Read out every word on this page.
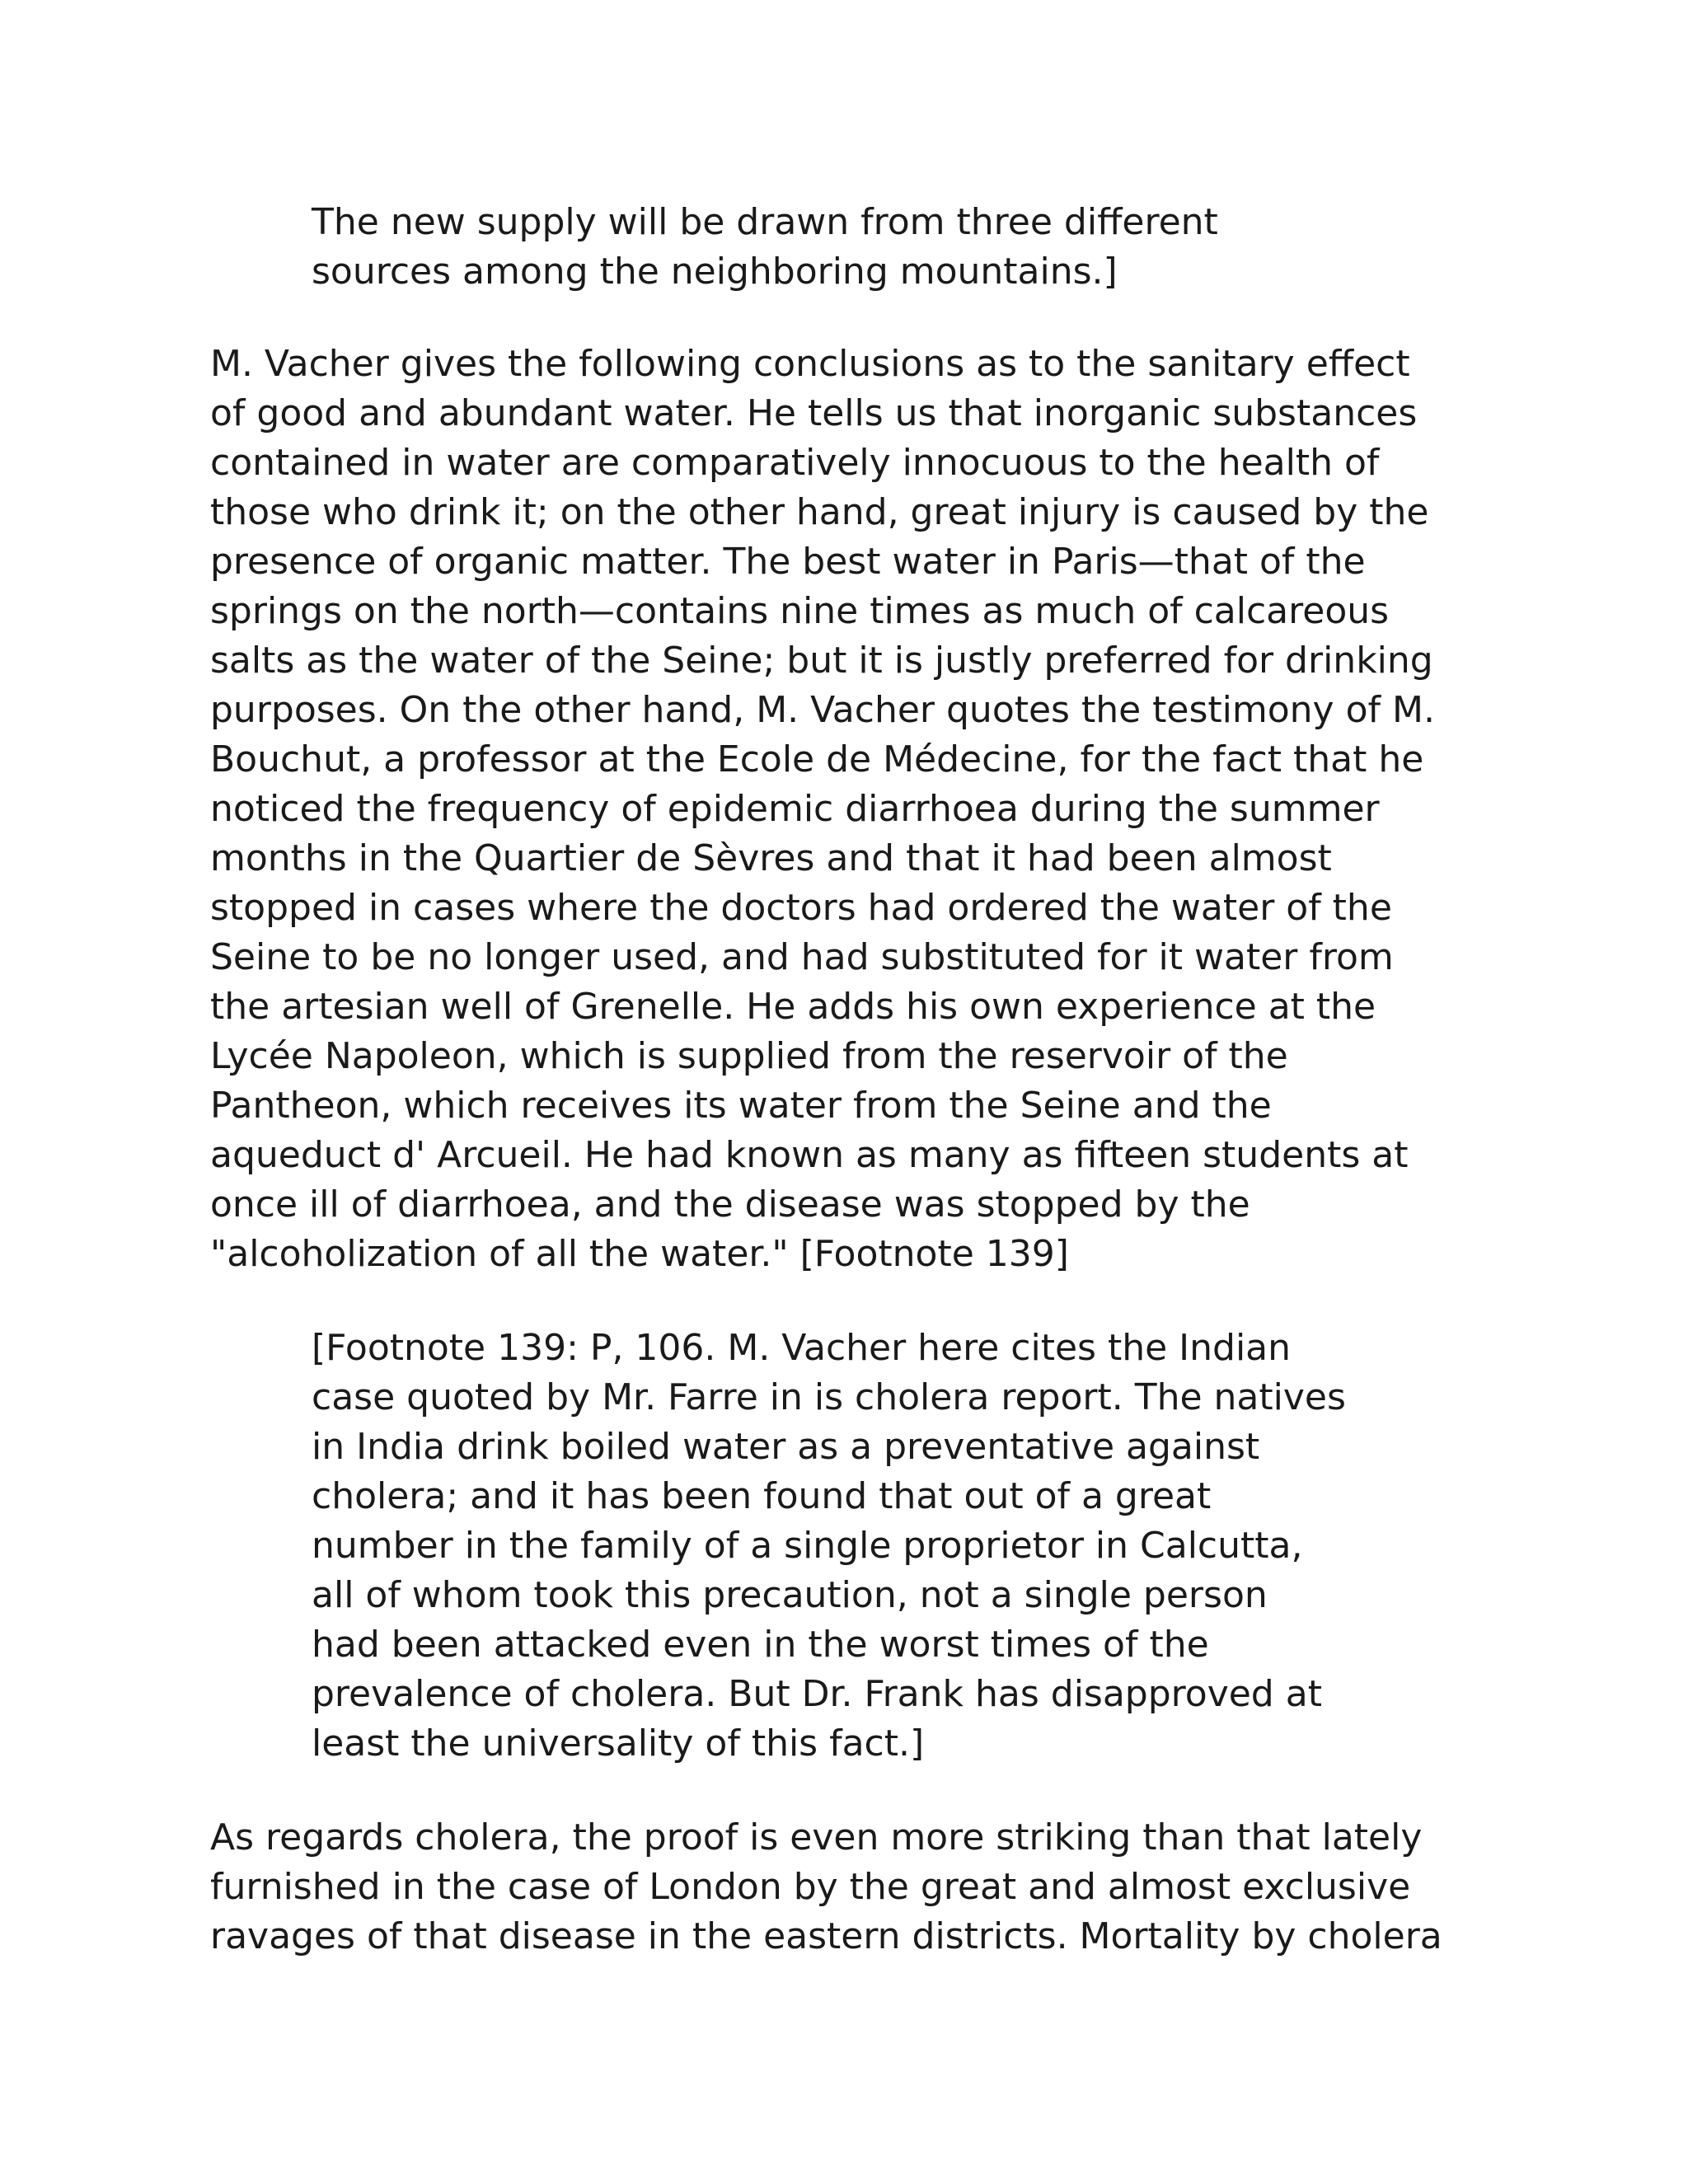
The new supply will be drawn from three different

sources among the neighboring mountains.]

M. Vacher gives the following conclusions as to the sanitary effect

of good and abundant water. He tells us that inorganic substances

contained in water are comparatively innocuous to the health of

those who drink it; on the other hand, great injury is caused by the

presence of organic matter. The best water in Paris—that of the

springs on the north—contains nine times as much of calcareous

salts as the water of the Seine; but it is justly preferred for drinking

purposes. On the other hand, M. Vacher quotes the testimony of M.

Bouchut, a professor at the Ecole de Médecine, for the fact that he

noticed the frequency of epidemic diarrhoea during the summer

months in the Quartier de Sèvres and that it had been almost

stopped in cases where the doctors had ordered the water of the

Seine to be no longer used, and had substituted for it water from

the artesian well of Grenelle. He adds his own experience at the

Lycée Napoleon, which is supplied from the reservoir of the

Pantheon, which receives its water from the Seine and the

aqueduct d' Arcueil. He had known as many as fifteen students at

once ill of diarrhoea, and the disease was stopped by the

"alcoholization of all the water." [Footnote 139]

[Footnote 139: P, 106. M. Vacher here cites the Indian

case quoted by Mr. Farre in is cholera report. The natives

in India drink boiled water as a preventative against

cholera; and it has been found that out of a great

number in the family of a single proprietor in Calcutta,

all of whom took this precaution, not a single person

had been attacked even in the worst times of the

prevalence of cholera. But Dr. Frank has disapproved at

least the universality of this fact.]

As regards cholera, the proof is even more striking than that lately

furnished in the case of London by the great and almost exclusive

ravages of that disease in the eastern districts. Mortality by cholera
